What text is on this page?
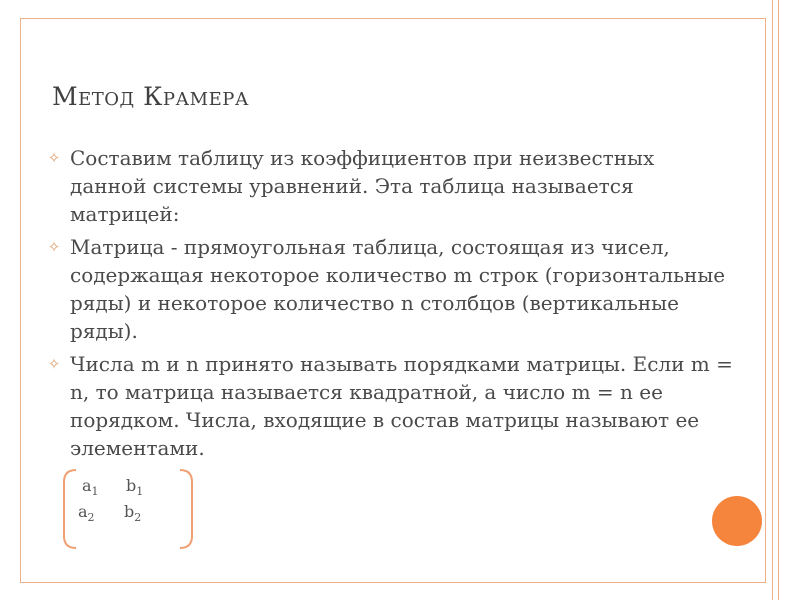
Метод Крамера
✧ Составим таблицу из коэффициентов при неизвестных данной системы уравнений. Эта таблица называется матрицей:
✧ Матрица - прямоугольная таблица, состоящая из чисел, содержащая некоторое количество m строк (горизонтальные ряды) и некоторое количество n столбцов (вертикальные ряды).
✧ Числа m и n принято называть порядками матрицы. Если m = n, то матрица называется квадратной, а число m = n ее порядком. Числа, входящие в состав матрицы называют ее элементами.
$a_1$ $b_1$
$a_2$ $b_2$
